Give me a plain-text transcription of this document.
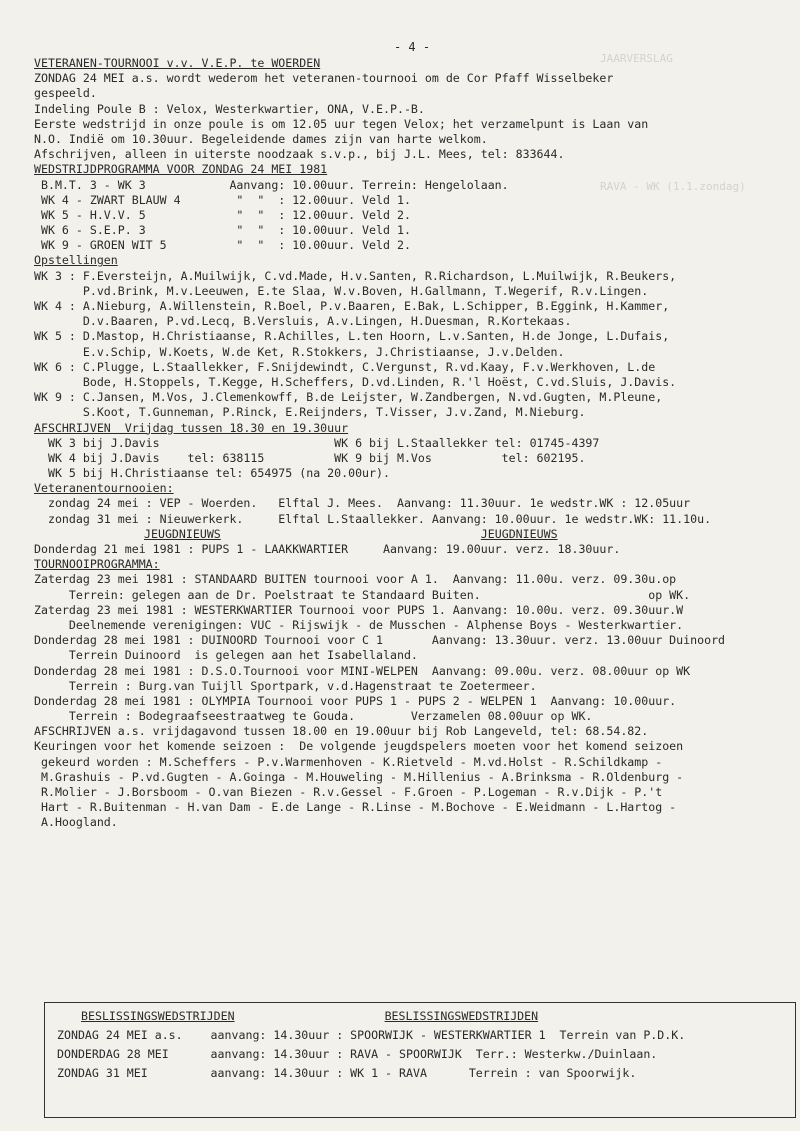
- 4 -
VETERANEN-TOURNOOI v.v. V.E.P. te WOERDEN
ZONDAG 24 MEI a.s. wordt wederom het veteranen-tournooi om de Cor Pfaff Wisselbeker
gespeeld.
Indeling Poule B : Velox, Westerkwartier, ONA, V.E.P.-B.
Eerste wedstrijd in onze poule is om 12.05 uur tegen Velox; het verzamelpunt is Laan van
N.O. Indië om 10.30uur. Begeleidende dames zijn van harte welkom.
Afschrijven, alleen in uiterste noodzaak s.v.p., bij J.L. Mees, tel: 833644.
WEDSTRIJDPROGRAMMA VOOR ZONDAG 24 MEI 1981
B.M.T. 3 - WK 3            Aanvang: 10.00uur. Terrein: Hengelolaan.
WK 4 - ZWART BLAUW 4        "  "  : 12.00uur. Veld 1.
WK 5 - H.V.V. 5             "  "  : 12.00uur. Veld 2.
WK 6 - S.E.P. 3             "  "  : 10.00uur. Veld 1.
WK 9 - GROEN WIT 5          "  "  : 10.00uur. Veld 2.
Opstellingen
WK 3 : F.Eversteijn, A.Muilwijk, C.vd.Made, H.v.Santen, R.Richardson, L.Muilwijk, R.Beukers,
P.vd.Brink, M.v.Leeuwen, E.te Slaa, W.v.Boven, H.Gallmann, T.Wegerif, R.v.Lingen.
WK 4 : A.Nieburg, A.Willenstein, R.Boel, P.v.Baaren, E.Bak, L.Schipper, B.Eggink, H.Kammer,
D.v.Baaren, P.vd.Lecq, B.Versluis, A.v.Lingen, H.Duesman, R.Kortekaas.
WK 5 : D.Mastop, H.Christiaanse, R.Achilles, L.ten Hoorn, L.v.Santen, H.de Jonge, L.Dufais,
E.v.Schip, W.Koets, W.de Ket, R.Stokkers, J.Christiaanse, J.v.Delden.
WK 6 : C.Plugge, L.Staallekker, F.Snijdewindt, C.Vergunst, R.vd.Kaay, F.v.Werkhoven, L.de
Bode, H.Stoppels, T.Kegge, H.Scheffers, D.vd.Linden, R.'l Hoëst, C.vd.Sluis, J.Davis.
WK 9 : C.Jansen, M.Vos, J.Clemenkowff, B.de Leijster, W.Zandbergen, N.vd.Gugten, M.Pleune,
S.Koot, T.Gunneman, P.Rinck, E.Reijnders, T.Visser, J.v.Zand, M.Nieburg.
AFSCHRIJVEN  Vrijdag tussen 18.30 en 19.30uur
WK 3 bij J.Davis                         WK 6 bij L.Staallekker tel: 01745-4397
WK 4 bij J.Davis    tel: 638115          WK 9 bij M.Vos          tel: 602195.
WK 5 bij H.Christiaanse tel: 654975 (na 20.00ur).
Veteranentournooien:
zondag 24 mei : VEP - Woerden.   Elftal J. Mees.  Aanvang: 11.30uur. 1e wedstr.WK : 12.05uur
zondag 31 mei : Nieuwerkerk.     Elftal L.Staallekker. Aanvang: 10.00uur. 1e wedstr.WK: 11.10u.
JEUGDNIEUWS	JEUGDNIEUWS
Donderdag 21 mei 1981 : PUPS 1 - LAAKKWARTIER     Aanvang: 19.00uur. verz. 18.30uur.
TOURNOOIPROGRAMMA:
Zaterdag 23 mei 1981 : STANDAARD BUITEN tournooi voor A 1.  Aanvang: 11.00u. verz. 09.30u.op
Terrein: gelegen aan de Dr. Poelstraat te Standaard Buiten.                        op WK.
Zaterdag 23 mei 1981 : WESTERKWARTIER Tournooi voor PUPS 1. Aanvang: 10.00u. verz. 09.30uur.W
Deelnemende verenigingen: VUC - Rijswijk - de Musschen - Alphense Boys - Westerkwartier.
Donderdag 28 mei 1981 : DUINOORD Tournooi voor C 1       Aanvang: 13.30uur. verz. 13.00uur Duinoord
Terrein Duinoord  is gelegen aan het Isabellaland.
Donderdag 28 mei 1981 : D.S.O.Tournooi voor MINI-WELPEN  Aanvang: 09.00u. verz. 08.00uur op WK
Terrein : Burg.van Tuijll Sportpark, v.d.Hagenstraat te Zoetermeer.
Donderdag 28 mei 1981 : OLYMPIA Tournooi voor PUPS 1 - PUPS 2 - WELPEN 1  Aanvang: 10.00uur.
Terrein : Bodegraafseestraatweg te Gouda.        Verzamelen 08.00uur op WK.
AFSCHRIJVEN a.s. vrijdagavond tussen 18.00 en 19.00uur bij Rob Langeveld, tel: 68.54.82.
Keuringen voor het komende seizoen :  De volgende jeugdspelers moeten voor het komend seizoen
gekeurd worden : M.Scheffers - P.v.Warmenhoven - K.Rietveld - M.vd.Holst - R.Schildkamp -
M.Grashuis - P.vd.Gugten - A.Goinga - M.Houweling - M.Hillenius - A.Brinksma - R.Oldenburg -
R.Molier - J.Borsboom - O.van Biezen - R.v.Gessel - F.Groen - P.Logeman - R.v.Dijk - P.'t
Hart - R.Buitenman - H.van Dam - E.de Lange - R.Linse - M.Bochove - E.Weidmann - L.Hartog -
A.Hoogland.
BESLISSINGSWEDSTRIJDEN	BESLISSINGSWEDSTRIJDEN
ZONDAG 24 MEI a.s.    aanvang: 14.30uur : SPOORWIJK - WESTERKWARTIER 1  Terrein van P.D.K.
DONDERDAG 28 MEI      aanvang: 14.30uur : RAVA - SPOORWIJK  Terr.: Westerkw./Duinlaan.
ZONDAG 31 MEI         aanvang: 14.30uur : WK 1 - RAVA      Terrein : van Spoorwijk.
JAARVERSLAG
RAVA - WK (1.1.zondag)
